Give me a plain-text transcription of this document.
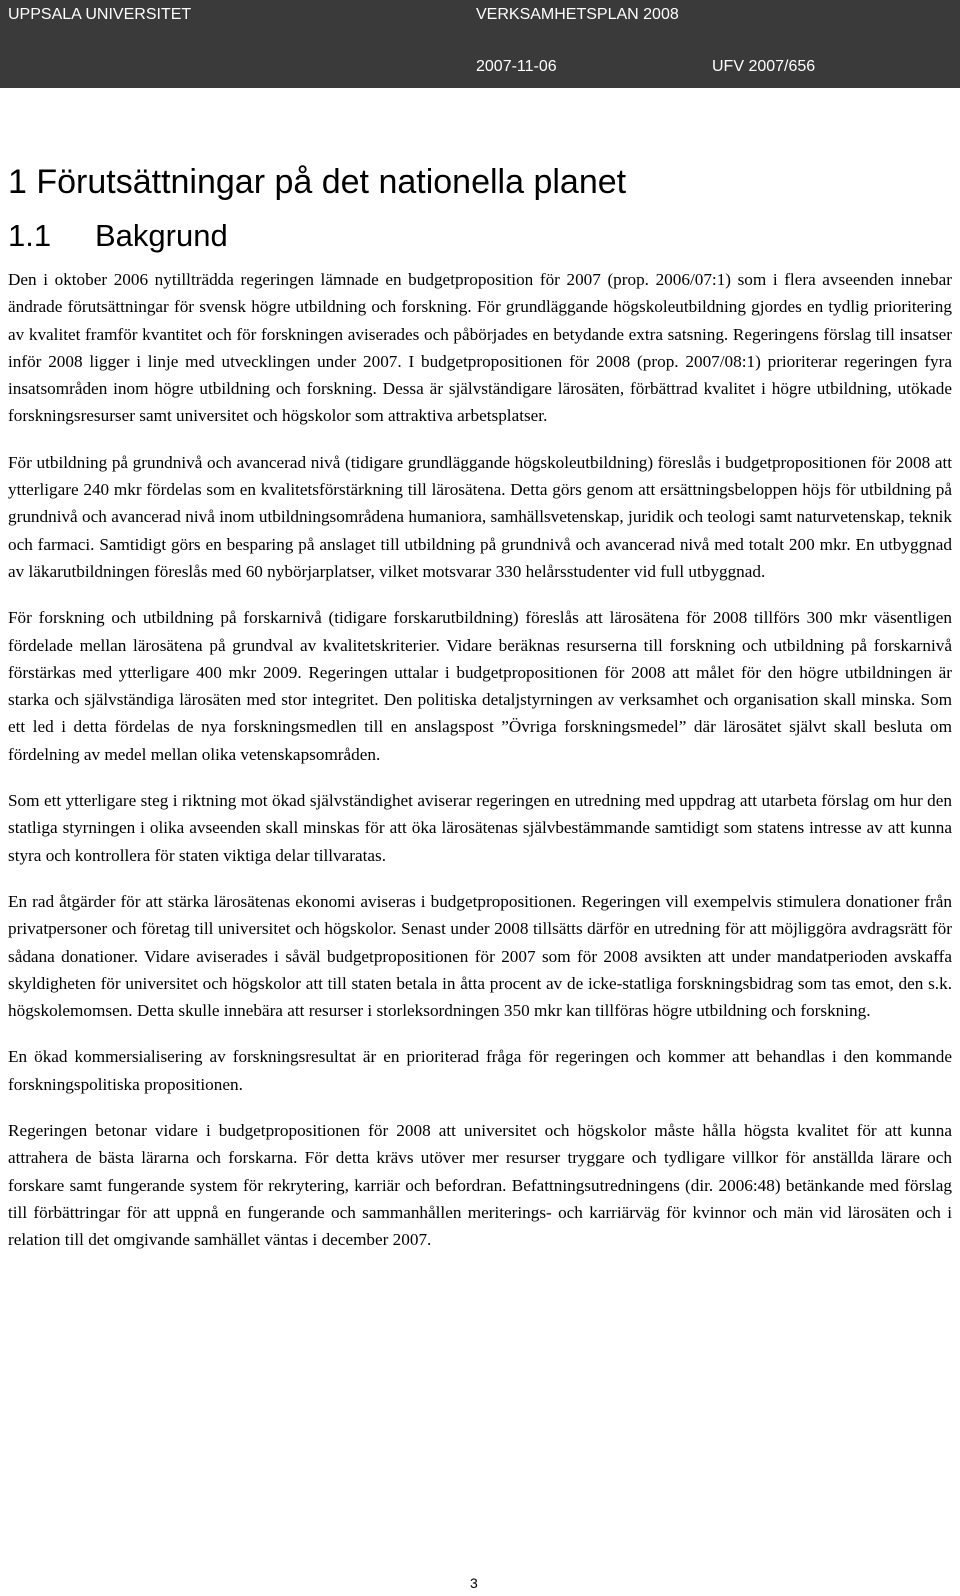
UPPSALA UNIVERSITET	VERKSAMHETSPLAN 2008
2007-11-06	UFV 2007/656
1 Förutsättningar på det nationella planet
1.1 Bakgrund

Den i oktober 2006 nytillträdda regeringen lämnade en budgetproposition för 2007 (prop. 2006/07:1) som i flera avseenden innebar ändrade förutsättningar för svensk högre utbildning och forskning. För grundläggande högskoleutbildning gjordes en tydlig prioritering av kvalitet framför kvantitet och för forskningen aviserades och påbörjades en betydande extra satsning. Regeringens förslag till insatser inför 2008 ligger i linje med utvecklingen under 2007. I budgetpropositionen för 2008 (prop. 2007/08:1) prioriterar regeringen fyra insatsområden inom högre utbildning och forskning. Dessa är självständigare lärosäten, förbättrad kvalitet i högre utbildning, utökade forskningsresurser samt universitet och högskolor som attraktiva arbetsplatser.

För utbildning på grundnivå och avancerad nivå (tidigare grundläggande högskoleutbildning) föreslås i budgetpropositionen för 2008 att ytterligare 240 mkr fördelas som en kvalitetsförstärkning till lärosätena. Detta görs genom att ersättningsbeloppen höjs för utbildning på grundnivå och avancerad nivå inom utbildningsområdena humaniora, samhällsvetenskap, juridik och teologi samt naturvetenskap, teknik och farmaci. Samtidigt görs en besparing på anslaget till utbildning på grundnivå och avancerad nivå med totalt 200 mkr. En utbyggnad av läkarutbildningen föreslås med 60 nybörjarplatser, vilket motsvarar 330 helårsstudenter vid full utbyggnad.

För forskning och utbildning på forskarnivå (tidigare forskarutbildning) föreslås att lärosätena för 2008 tillförs 300 mkr väsentligen fördelade mellan lärosätena på grundval av kvalitetskriterier. Vidare beräknas resurserna till forskning och utbildning på forskarnivå förstärkas med ytterligare 400 mkr 2009. Regeringen uttalar i budgetpropositionen för 2008 att målet för den högre utbildningen är starka och självständiga lärosäten med stor integritet. Den politiska detaljstyrningen av verksamhet och organisation skall minska. Som ett led i detta fördelas de nya forskningsmedlen till en anslagspost ”Övriga forskningsmedel” där lärosätet självt skall besluta om fördelning av medel mellan olika vetenskapsområden.

Som ett ytterligare steg i riktning mot ökad självständighet aviserar regeringen en utredning med uppdrag att utarbeta förslag om hur den statliga styrningen i olika avseenden skall minskas för att öka lärosätenas självbestämmande samtidigt som statens intresse av att kunna styra och kontrollera för staten viktiga delar tillvaratas.

En rad åtgärder för att stärka lärosätenas ekonomi aviseras i budgetpropositionen. Regeringen vill exempelvis stimulera donationer från privatpersoner och företag till universitet och högskolor. Senast under 2008 tillsätts därför en utredning för att möjliggöra avdragsrätt för sådana donationer. Vidare aviserades i såväl budgetpropositionen för 2007 som för 2008 avsikten att under mandatperioden avskaffa skyldigheten för universitet och högskolor att till staten betala in åtta procent av de icke-statliga forskningsbidrag som tas emot, den s.k. högskolemomsen. Detta skulle innebära att resurser i storleksordningen 350 mkr kan tillföras högre utbildning och forskning.

En ökad kommersialisering av forskningsresultat är en prioriterad fråga för regeringen och kommer att behandlas i den kommande forskningspolitiska propositionen.

Regeringen betonar vidare i budgetpropositionen för 2008 att universitet och högskolor måste hålla högsta kvalitet för att kunna attrahera de bästa lärarna och forskarna. För detta krävs utöver mer resurser tryggare och tydligare villkor för anställda lärare och forskare samt fungerande system för rekrytering, karriär och befordran. Befattningsutredningens (dir. 2006:48) betänkande med förslag till förbättringar för att uppnå en fungerande och sammanhållen meriterings- och karriärväg för kvinnor och män vid lärosäten och i relation till det omgivande samhället väntas i december 2007.

3
